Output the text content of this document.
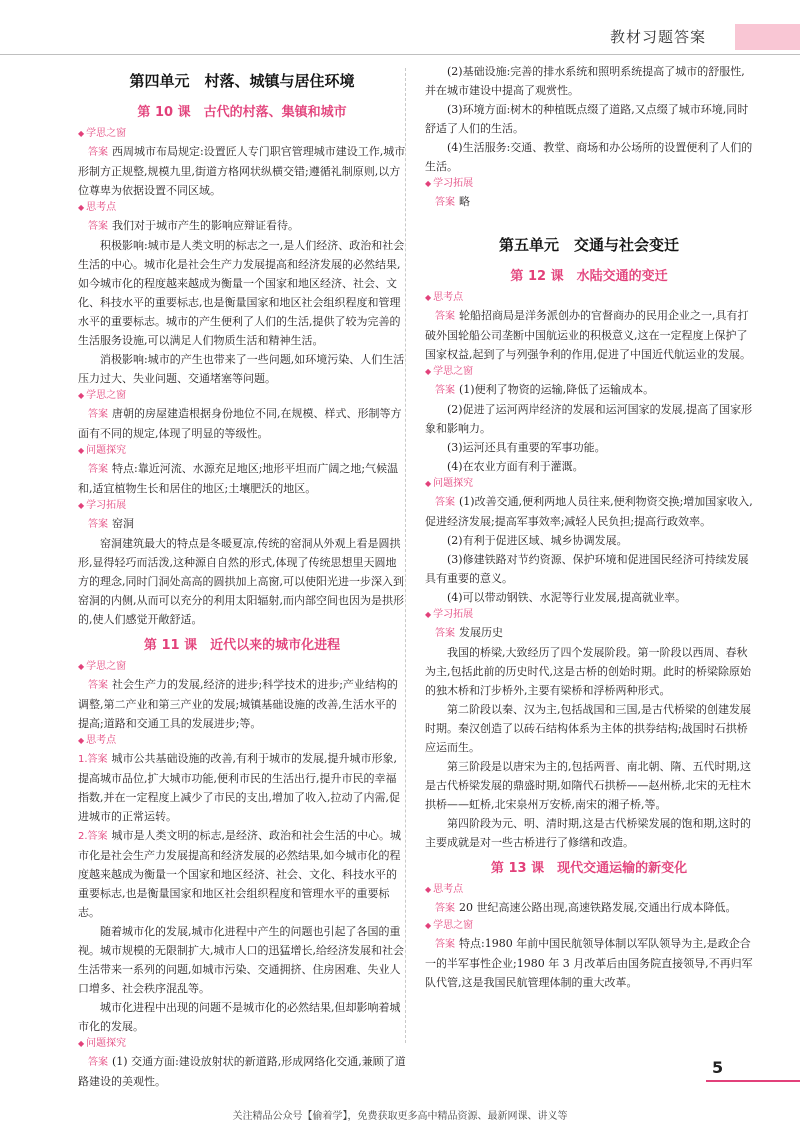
教材习题答案
第四单元　村落、城镇与居住环境
第 10 课　古代的村落、集镇和城市
◆ 学思之窗
答案 西周城市布局规定:设置匠人专门职官管理城市建设工作,城市形制方正规整,规模九里,街道方格网状纵横交错;遵循礼制原则,以方位尊卑为依据设置不同区域。
◆ 思考点
答案 我们对于城市产生的影响应辩证看待。
积极影响:城市是人类文明的标志之一,是人们经济、政治和社会生活的中心。城市化是社会生产力发展提高和经济发展的必然结果,如今城市化的程度越来越成为衡量一个国家和地区经济、社会、文化、科技水平的重要标志,也是衡量国家和地区社会组织程度和管理水平的重要标志。城市的产生便利了人们的生活,提供了较为完善的生活服务设施,可以满足人们物质生活和精神生活。
消极影响:城市的产生也带来了一些问题,如环境污染、人们生活压力过大、失业问题、交通堵塞等问题。
◆ 学思之窗
答案 唐朝的房屋建造根据身份地位不同,在规模、样式、形制等方面有不同的规定,体现了明显的等级性。
◆ 问题探究
答案 特点:靠近河流、水源充足地区;地形平坦而广阔之地;气候温和,适宜植物生长和居住的地区;土壤肥沃的地区。
◆ 学习拓展
答案 窑洞
窑洞建筑最大的特点是冬暖夏凉,传统的窑洞从外观上看是圆拱形,显得轻巧而活泼,这种源自自然的形式,体现了传统思想里天圆地方的理念,同时门洞处高高的圆拱加上高窗,可以使阳光进一步深入到窑洞的内侧,从而可以充分的利用太阳辐射,而内部空间也因为是拱形的,使人们感觉开敞舒适。
第 11 课　近代以来的城市化进程
◆ 学思之窗
答案 社会生产力的发展,经济的进步;科学技术的进步;产业结构的调整,第二产业和第三产业的发展;城镇基础设施的改善,生活水平的提高;道路和交通工具的发展进步;等。
◆ 思考点
1.答案 城市公共基础设施的改善,有利于城市的发展,提升城市形象,提高城市品位,扩大城市功能,便利市民的生活出行,提升市民的幸福指数,并在一定程度上减少了市民的支出,增加了收入,拉动了内需,促进城市的正常运转。
2.答案 城市是人类文明的标志,是经济、政治和社会生活的中心。城市化是社会生产力发展提高和经济发展的必然结果,如今城市化的程度越来越成为衡量一个国家和地区经济、社会、文化、科技水平的重要标志,也是衡量国家和地区社会组织程度和管理水平的重要标志。
随着城市化的发展,城市化进程中产生的问题也引起了各国的重视。城市规模的无限制扩大,城市人口的迅猛增长,给经济发展和社会生活带来一系列的问题,如城市污染、交通拥挤、住房困难、失业人口增多、社会秩序混乱等。
城市化进程中出现的问题不是城市化的必然结果,但却影响着城市化的发展。
◆ 问题探究
答案 (1) 交通方面:建设放射状的新道路,形成网络化交通,兼顾了道路建设的美观性。
(2)基础设施:完善的排水系统和照明系统提高了城市的舒服性,并在城市建设中提高了观赏性。
(3)环境方面:树木的种植既点缀了道路,又点缀了城市环境,同时舒适了人们的生活。
(4)生活服务:交通、教堂、商场和办公场所的设置便利了人们的生活。
◆ 学习拓展
答案 略
第五单元　交通与社会变迁
第 12 课　水陆交通的变迁
◆ 思考点
答案 轮船招商局是洋务派创办的官督商办的民用企业之一,具有打破外国轮船公司垄断中国航运业的积极意义,这在一定程度上保护了国家权益,起到了与列强争利的作用,促进了中国近代航运业的发展。
◆ 学思之窗
答案 (1)便利了物资的运输,降低了运输成本。
(2)促进了运河两岸经济的发展和运河国家的发展,提高了国家形象和影响力。
(3)运河还具有重要的军事功能。
(4)在农业方面有利于灌溉。
◆ 问题探究
答案 (1)改善交通,便利两地人员往来,便利物资交换;增加国家收入,促进经济发展;提高军事效率;减轻人民负担;提高行政效率。
(2)有利于促进区域、城乡协调发展。
(3)修建铁路对节约资源、保护环境和促进国民经济可持续发展具有重要的意义。
(4)可以带动钢铁、水泥等行业发展,提高就业率。
◆ 学习拓展
答案 发展历史
我国的桥梁,大致经历了四个发展阶段。第一阶段以西周、春秋为主,包括此前的历史时代,这是古桥的创始时期。此时的桥梁除原始的独木桥和汀步桥外,主要有梁桥和浮桥两种形式。
第二阶段以秦、汉为主,包括战国和三国,是古代桥梁的创建发展时期。秦汉创造了以砖石结构体系为主体的拱券结构;战国时石拱桥应运而生。
第三阶段是以唐宋为主的,包括两晋、南北朝、隋、五代时期,这是古代桥梁发展的鼎盛时期,如隋代石拱桥——赵州桥,北宋的无柱木拱桥——虹桥,北宋泉州万安桥,南宋的湘子桥,等。
第四阶段为元、明、清时期,这是古代桥梁发展的饱和期,这时的主要成就是对一些古桥进行了修缮和改造。
第 13 课　现代交通运输的新变化
◆ 思考点
答案 20 世纪高速公路出现,高速铁路发展,交通出行成本降低。
◆ 学思之窗
答案 特点:1980 年前中国民航领导体制以军队领导为主,是政企合一的半军事性企业;1980 年 3 月改革后由国务院直接领导,不再归军队代管,这是我国民航管理体制的重大改革。
5
关注精品公众号【偷着学】，免费获取更多高中精品资源、最新网课、讲义等
